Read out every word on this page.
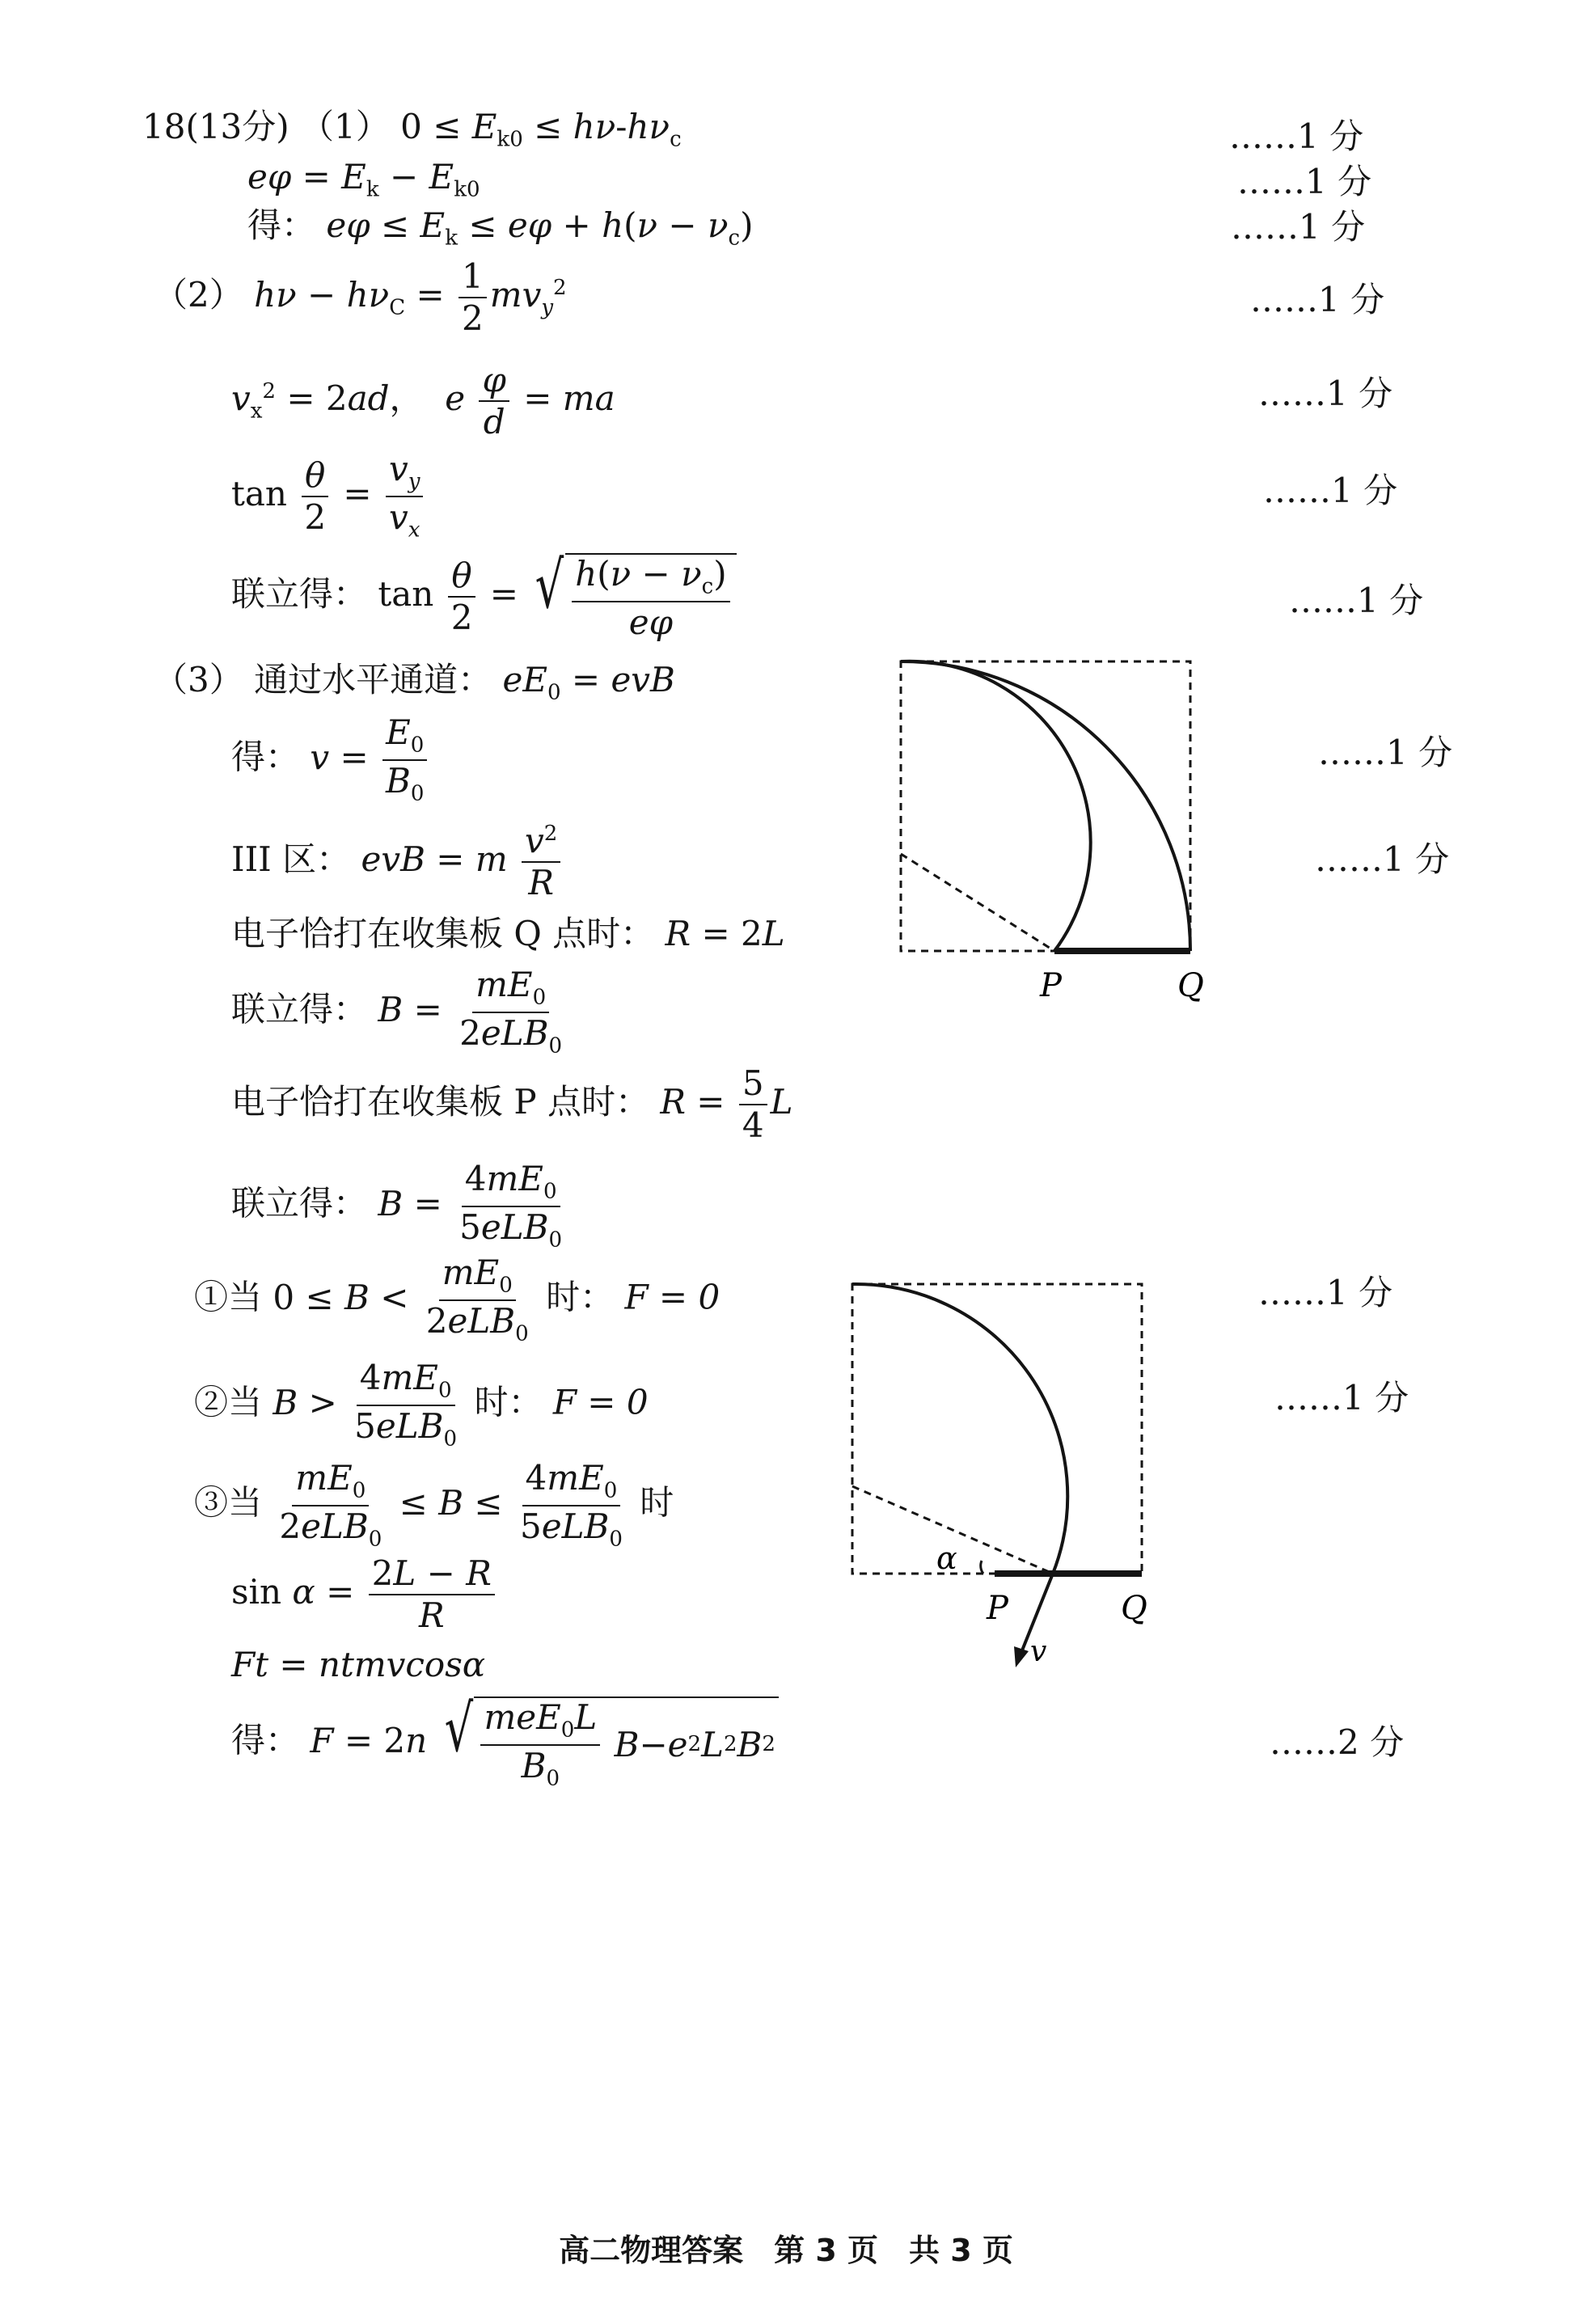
18(13分) （1） $0 \le E_{k0} \le h\nu-h\nu_c$
$e\varphi = E_k - E_{k0}$
得： $e\varphi \le E_k \le e\varphi + h(\nu - \nu_c)$
（2） $h\nu - h\nu_C = \frac{1}{2} mv_y^2$
$v_x^2 = 2ad$，  e $\frac{\varphi}{d}$ = ma
$\tan \frac{\theta}{2} = \frac{v_y}{v_x}$
联立得： $\tan \frac{\theta}{2}$ = √ $\frac{h(\nu - \nu_c)}{e\varphi}$
（3） 通过水平通道： $eE_0$ = evB
得： $v = \frac{E_0}{B_0}$
III 区： evB = m $\frac{v^2}{R}$
电子恰打在收集板 Q 点时： R = 2L
联立得： $B = \frac{mE_0}{2eLB_0}$
电子恰打在收集板 P 点时： $R = \frac{5}{4}$ L
联立得： $B = \frac{4mE_0}{5eLB_0}$
①当 $0 \le B < \frac{mE_0}{2eLB_0}$ 时： F = 0
②当 $B > \frac{4mE_0}{5eLB_0}$ 时： F = 0
③当 $\frac{mE_0}{2eLB_0} \le B \le \frac{4mE_0}{5eLB_0}$ 时
$\sin \alpha = \frac{2L - R}{R}$
Ft = ntmvcosα
得： F = 2n √ $\frac{meE_0L}{B_0}$
B − e 2 L 2 B 2
……1 分
……1 分
……1 分
……1 分
……1 分
……1 分
……1 分
……1 分
……1 分
……1 分
……1 分
……2 分
P	Q
α
P	Q
v
高二物理答案　第 3 页　共 3 页
